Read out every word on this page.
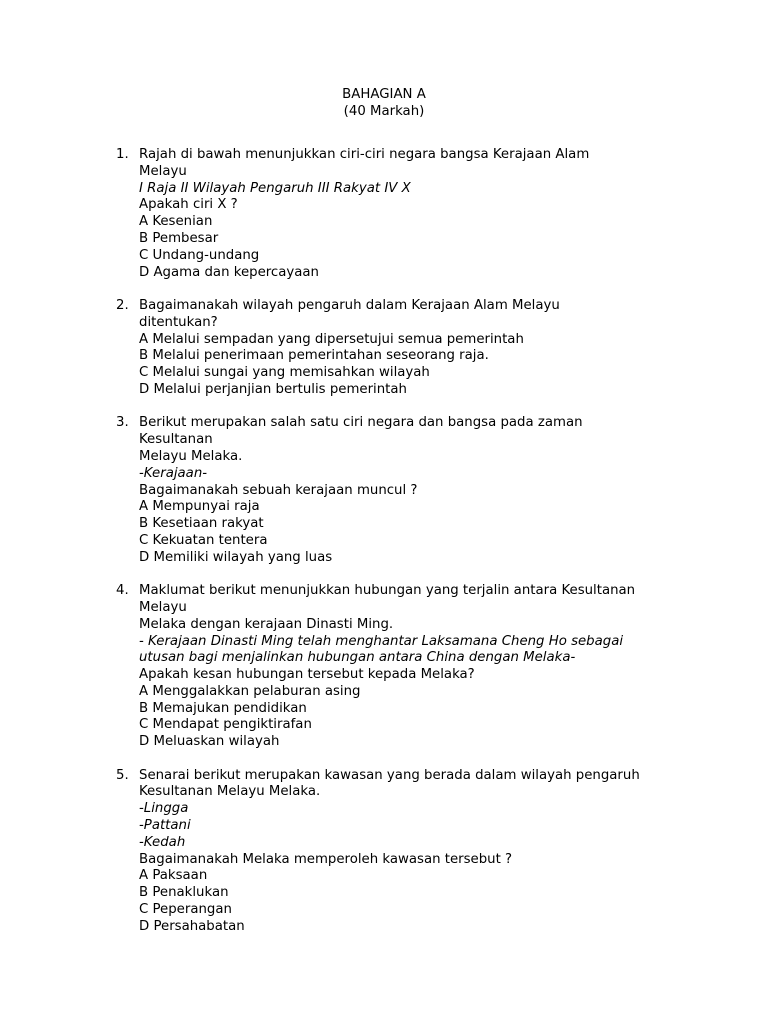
BAHAGIAN A
(40 Markah)
1. Rajah di bawah menunjukkan ciri-ciri negara bangsa Kerajaan Alam
Melayu
I Raja II Wilayah Pengaruh III Rakyat IV X
Apakah ciri X ?
A Kesenian
B Pembesar
C Undang-undang
D Agama dan kepercayaan
2. Bagaimanakah wilayah pengaruh dalam Kerajaan Alam Melayu
ditentukan?
A Melalui sempadan yang dipersetujui semua pemerintah
B Melalui penerimaan pemerintahan seseorang raja.
C Melalui sungai yang memisahkan wilayah
D Melalui perjanjian bertulis pemerintah
3. Berikut merupakan salah satu ciri negara dan bangsa pada zaman
Kesultanan
Melayu Melaka.
-Kerajaan-
Bagaimanakah sebuah kerajaan muncul ?
A Mempunyai raja
B Kesetiaan rakyat
C Kekuatan tentera
D Memiliki wilayah yang luas
4. Maklumat berikut menunjukkan hubungan yang terjalin antara Kesultanan
Melayu
Melaka dengan kerajaan Dinasti Ming.
- Kerajaan Dinasti Ming telah menghantar Laksamana Cheng Ho sebagai
utusan bagi menjalinkan hubungan antara China dengan Melaka-
Apakah kesan hubungan tersebut kepada Melaka?
A Menggalakkan pelaburan asing
B Memajukan pendidikan
C Mendapat pengiktirafan
D Meluaskan wilayah
5. Senarai berikut merupakan kawasan yang berada dalam wilayah pengaruh
Kesultanan Melayu Melaka.
-Lingga
-Pattani
-Kedah
Bagaimanakah Melaka memperoleh kawasan tersebut ?
A Paksaan
B Penaklukan
C Peperangan
D Persahabatan
